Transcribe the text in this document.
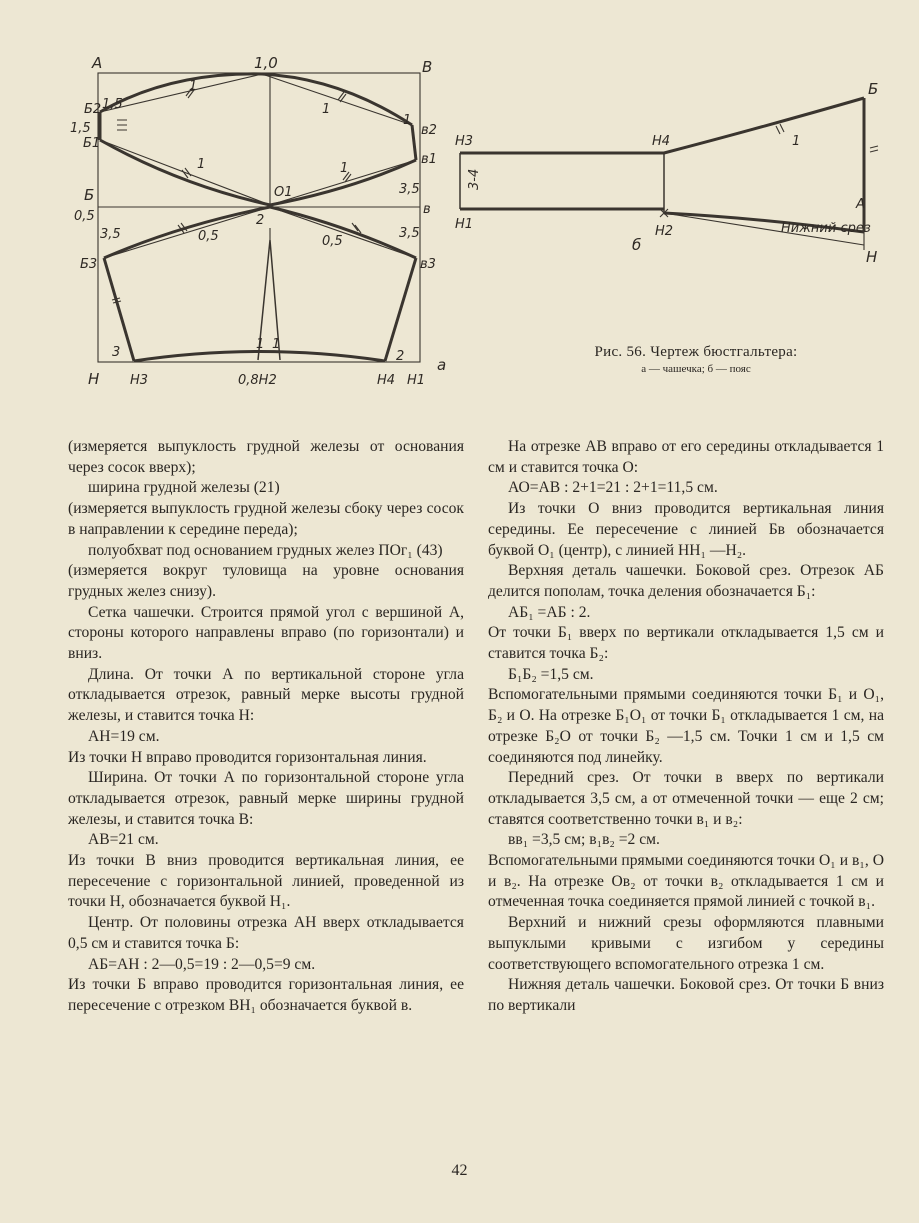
А	1,0	В
Б2 1,5
1,5
Б1
в2
в1
1
1
1
1	1
3,5
Б	О1
в
0,5	2
3,5	0,5	0,5
3,5
Б3	в3
3	2
1 1
Н Н3	0,8Н2	Н4 Н1
а
Н3
3-4
Н1
Н4	1
Б
Н2
б
А
Нижний срез
Н
Рис. 56. Чертеж бюстгальтера:
а — чашечка; б — пояс

(измеряется выпуклость грудной железы от основания через сосок вверх);

ширина грудной железы (21)

(измеряется выпуклость грудной железы сбоку через сосок в направлении к середине переда);

полуобхват под основанием грудных желез ПОг₁ (43)

(измеряется вокруг туловища на уровне основания грудных желез снизу).

Сетка чашечки. Строится прямой угол с вершиной А, стороны которого направлены вправо (по горизонтали) и вниз.

Длина. От точки А по вертикальной стороне угла откладывается отрезок, равный мерке высоты грудной железы, и ставится точка Н:

АН=19 см.

Из точки Н вправо проводится горизонтальная линия.

Ширина. От точки А по горизонтальной стороне угла откладывается отрезок, равный мерке ширины грудной железы, и ставится точка В:

АВ=21 см.

Из точки В вниз проводится вертикальная линия, ее пересечение с горизонтальной линией, проведенной из точки Н, обозначается буквой Н₁.

Центр. От половины отрезка АН вверх откладывается 0,5 см и ставится точка Б:

АБ=АН : 2—0,5=19 : 2—0,5=9 см.

Из точки Б вправо проводится горизонтальная линия, ее пересечение с отрезком ВН₁ обозначается буквой в.

На отрезке АВ вправо от его середины откладывается 1 см и ставится точка О:

АО=АВ : 2+1=21 : 2+1=11,5 см.

Из точки О вниз проводится вертикальная линия середины. Ее пересечение с линией Бв обозначается буквой О₁ (центр), с линией НН₁ —Н₂.

Верхняя деталь чашечки. Боковой срез. Отрезок АБ делится пополам, точка деления обозначается Б₁:

АБ₁ =АБ : 2.

От точки Б₁ вверх по вертикали откладывается 1,5 см и ставится точка Б₂:

Б₁Б₂ =1,5 см.

Вспомогательными прямыми соединяются точки Б₁ и О₁, Б₂ и О. На отрезке Б₁О₁ от точки Б₁ откладывается 1 см, на отрезке Б₂О от точки Б₂ —1,5 см. Точки 1 см и 1,5 см соединяются под линейку.

Передний срез. От точки в вверх по вертикали откладывается 3,5 см, а от отмеченной точки — еще 2 см; ставятся соответственно точки в₁ и в₂:

вв₁ =3,5 см; в₁в₂ =2 см.

Вспомогательными прямыми соединяются точки О₁ и в₁, О и в₂. На отрезке Ов₂ от точки в₂ откладывается 1 см и отмеченная точка соединяется прямой линией с точкой в₁.

Верхний и нижний срезы оформляются плавными выпуклыми кривыми с изгибом у середины соответствующего вспомогательного отрезка 1 см.

Нижняя деталь чашечки. Боковой срез. От точки Б вниз по вертикали

42
